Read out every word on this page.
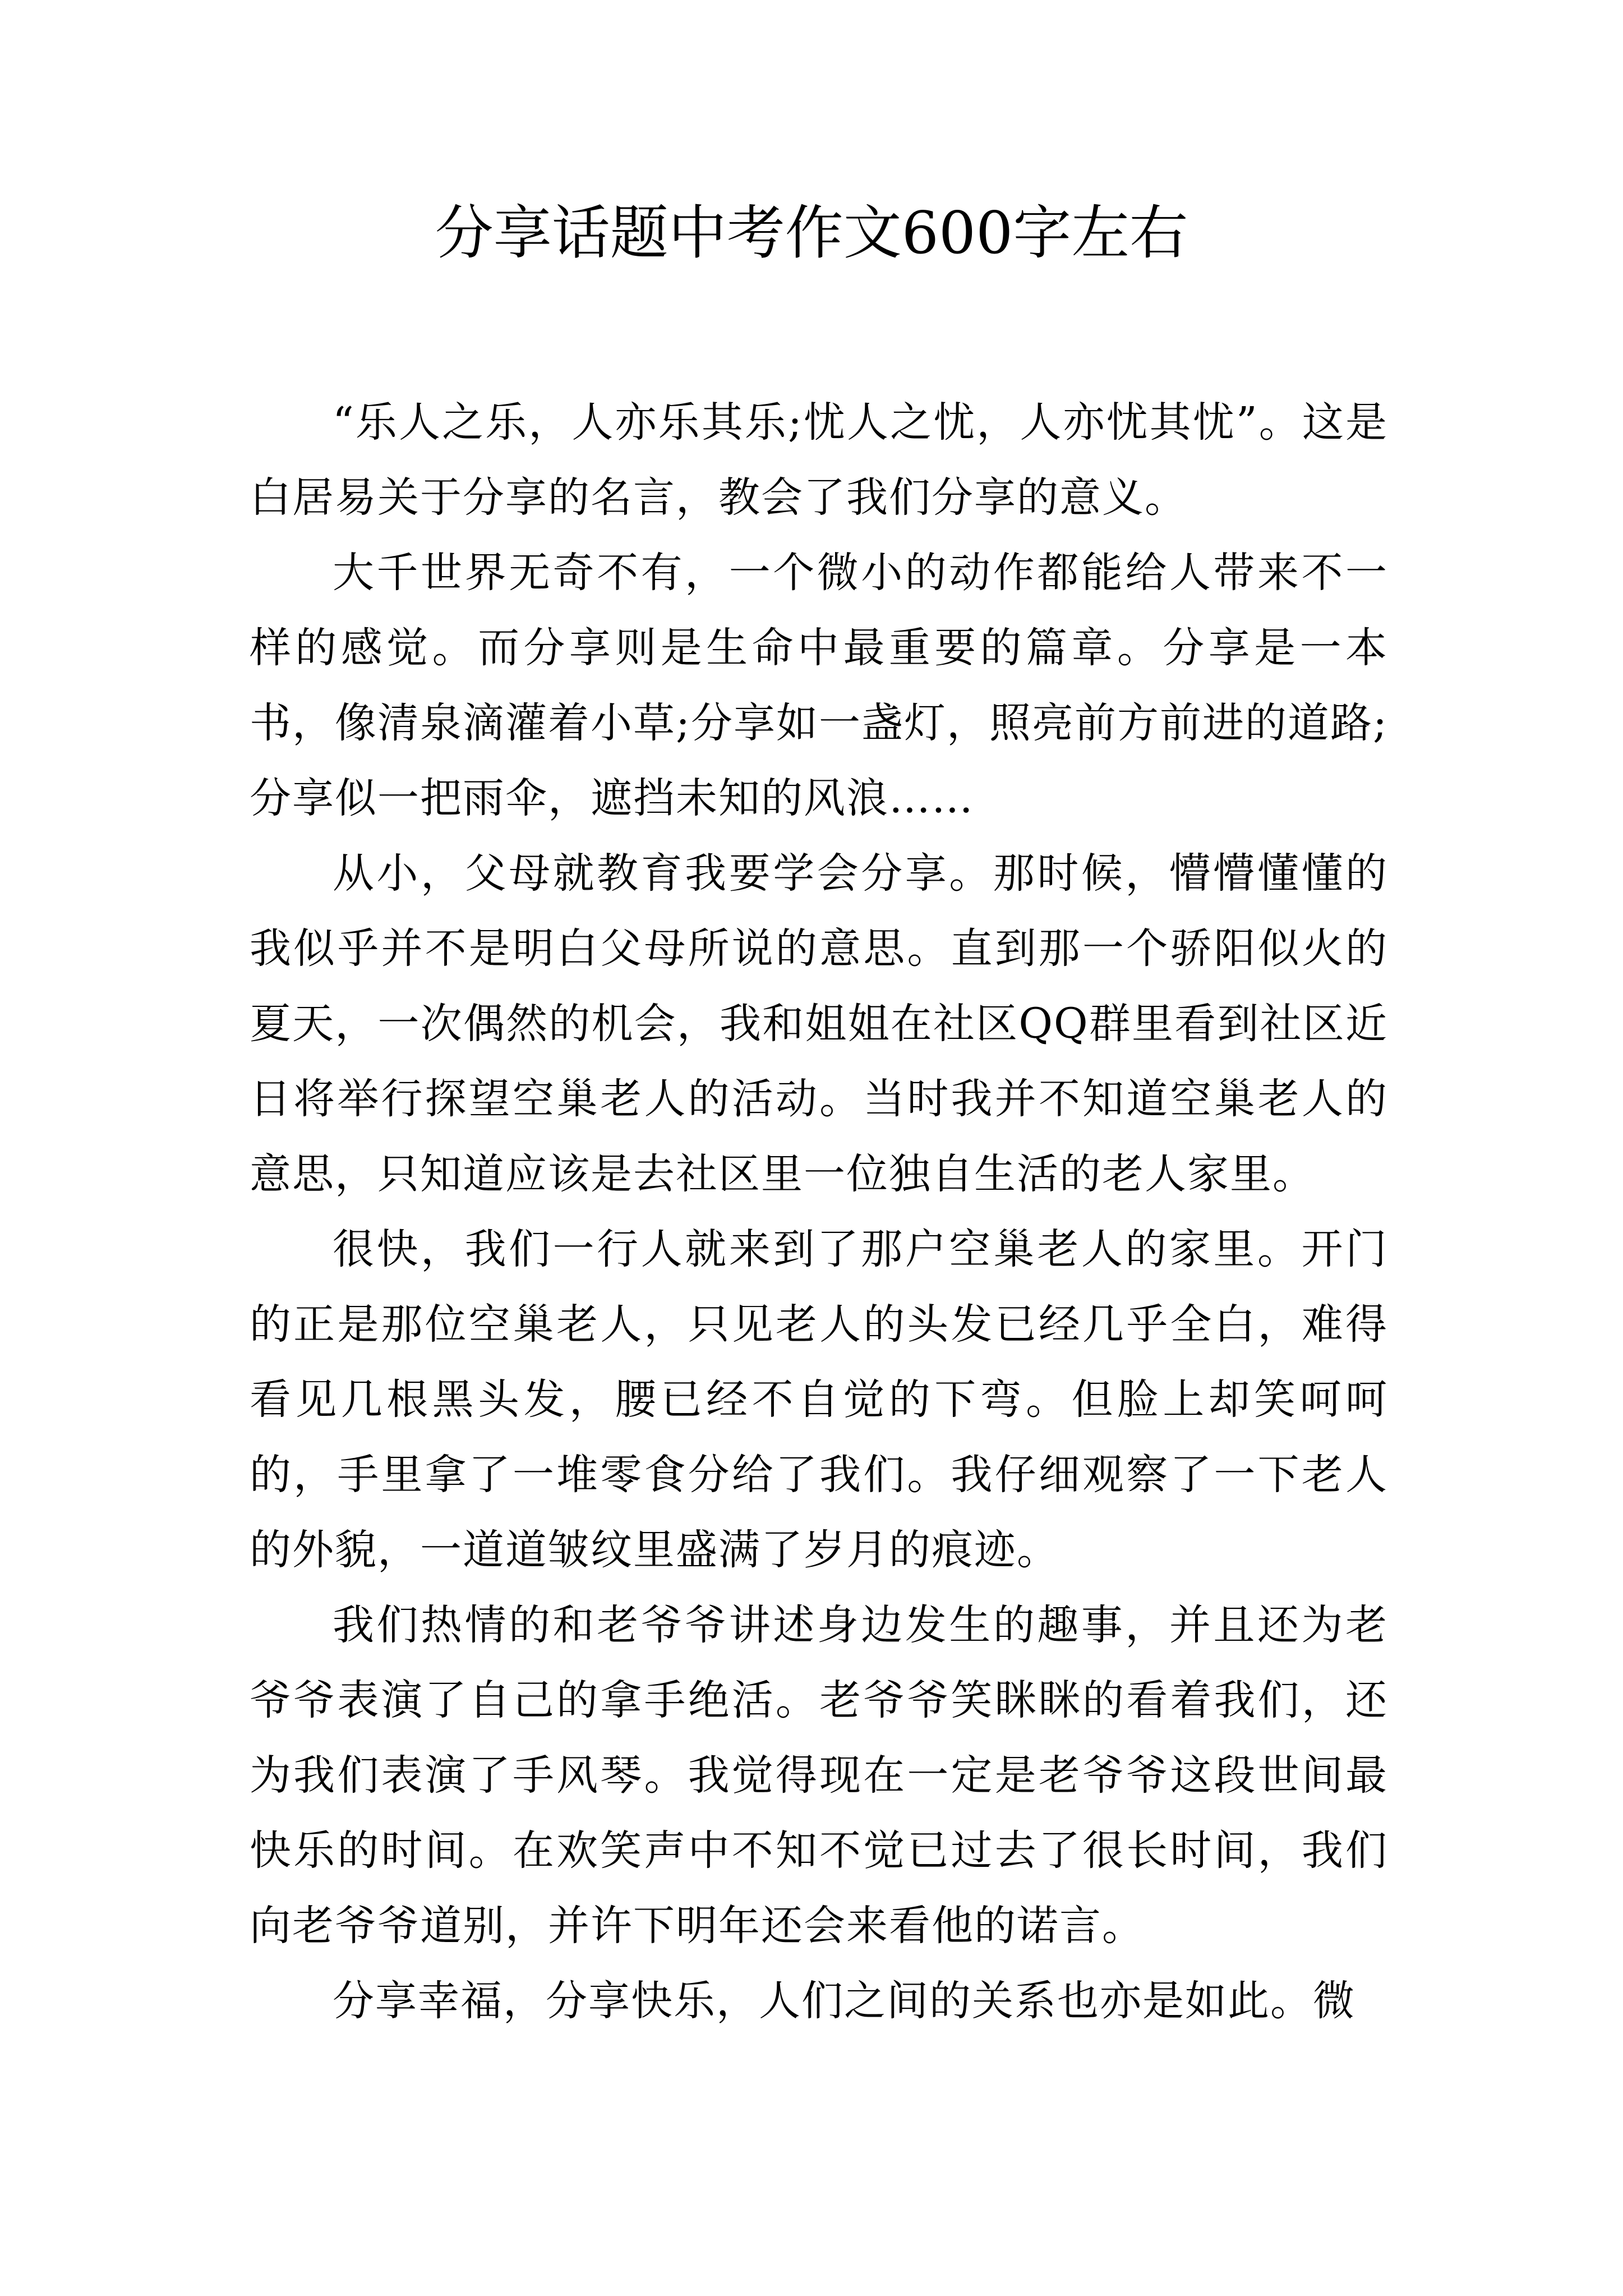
分享话题中考作文600字左右

“乐人之乐，人亦乐其乐;忧人之忧，人亦忧其忧”。这是白居易关于分享的名言，教会了我们分享的意义。

大千世界无奇不有，一个微小的动作都能给人带来不一样的感觉。而分享则是生命中最重要的篇章。分享是一本书，像清泉滴灌着小草;分享如一盏灯，照亮前方前进的道路;分享似一把雨伞，遮挡未知的风浪……

从小，父母就教育我要学会分享。那时候，懵懵懂懂的我似乎并不是明白父母所说的意思。直到那一个骄阳似火的夏天，一次偶然的机会，我和姐姐在社区QQ群里看到社区近日将举行探望空巢老人的活动。当时我并不知道空巢老人的意思，只知道应该是去社区里一位独自生活的老人家里。

很快，我们一行人就来到了那户空巢老人的家里。开门的正是那位空巢老人，只见老人的头发已经几乎全白，难得看见几根黑头发，腰已经不自觉的下弯。但脸上却笑呵呵的，手里拿了一堆零食分给了我们。我仔细观察了一下老人的外貌，一道道皱纹里盛满了岁月的痕迹。

我们热情的和老爷爷讲述身边发生的趣事，并且还为老爷爷表演了自己的拿手绝活。老爷爷笑眯眯的看着我们，还为我们表演了手风琴。我觉得现在一定是老爷爷这段世间最快乐的时间。在欢笑声中不知不觉已过去了很长时间，我们向老爷爷道别，并许下明年还会来看他的诺言。

分享幸福，分享快乐，人们之间的关系也亦是如此。微
